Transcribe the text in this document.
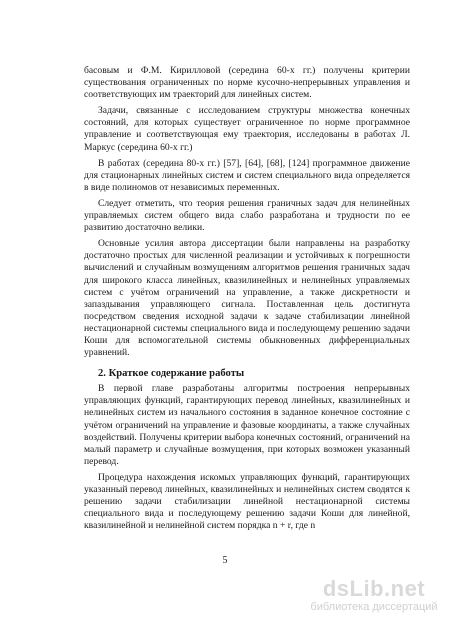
басовым и Ф.М. Кирилловой (середина 60-х гг.) получены критерии существования ограниченных по норме кусочно-непрерывных управления и соответствующих им траекторий для линейных систем.

Задачи, связанные с исследованием структуры множества конечных состояний, для которых существует ограниченное по норме программное управление и соответствующая ему траектория, исследованы в работах Л. Маркус (середина 60-х гг.)

В работах (середина 80-х гг.) [57], [64], [68], [124] программное движение для стационарных линейных систем и систем специального вида определяется в виде полиномов от независимых переменных.

Следует отметить, что теория решения граничных задач для нелинейных управляемых систем общего вида слабо разработана и трудности по ее развитию достаточно велики.

Основные усилия автора диссертации были направлены на разработку достаточно простых для численной реализации и устойчивых к погрешности вычислений и случайным возмущениям алгоритмов решения граничных задач для широкого класса линейных, квазилинейных и нелинейных управляемых систем с учётом ограничений на управление, а также дискретности и запаздывания управляющего сигнала. Поставленная цель достигнута посредством сведения исходной задачи к задаче стабилизации линейной нестационарной системы специального вида и последующему решению задачи Коши для вспомогательной системы обыкновенных дифференциальных уравнений.

2. Краткое содержание работы

В первой главе разработаны алгоритмы построения непрерывных управляющих функций, гарантирующих перевод линейных, квазилинейных и нелинейных систем из начального состояния в заданное конечное состояние с учётом ограничений на управление и фазовые координаты, а также случайных воздействий. Получены критерии выбора конечных состояний, ограничений на малый параметр и случайные возмущения, при которых возможен указанный перевод.

Процедура нахождения искомых управляющих функций, гарантирующих указанный перевод линейных, квазилинейных и нелинейных систем сводятся к решению задачи стабилизации линейной нестационарной системы специального вида и последующему решению задачи Коши для линейной, квазилинейной и нелинейной систем порядка n + r, где n

5
dsLib.net
библиотека диссертаций
